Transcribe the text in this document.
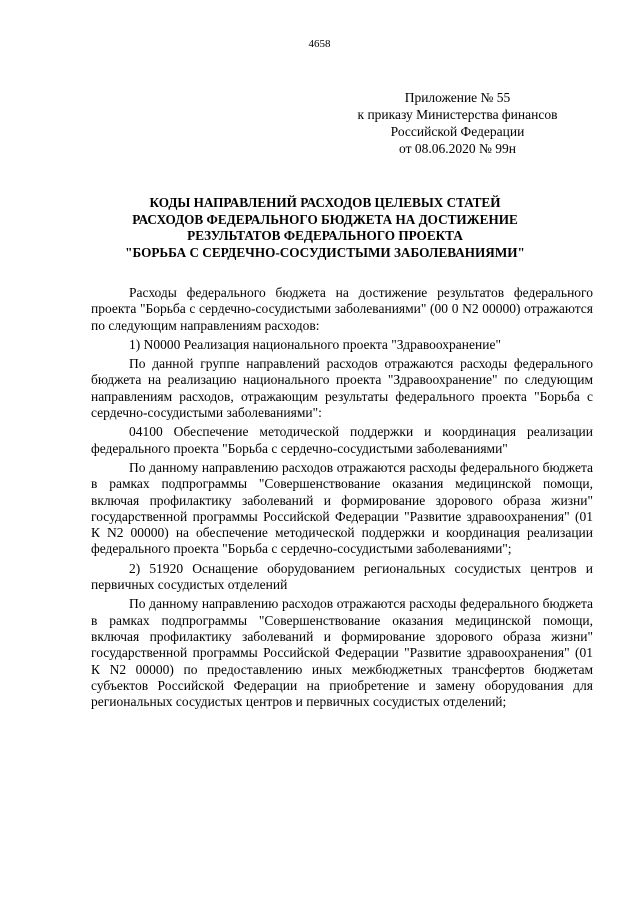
4658
Приложение № 55
к приказу Министерства финансов
Российской Федерации
от 08.06.2020 № 99н
КОДЫ НАПРАВЛЕНИЙ РАСХОДОВ ЦЕЛЕВЫХ СТАТЕЙ
РАСХОДОВ ФЕДЕРАЛЬНОГО БЮДЖЕТА НА ДОСТИЖЕНИЕ
РЕЗУЛЬТАТОВ ФЕДЕРАЛЬНОГО ПРОЕКТА
"БОРЬБА С СЕРДЕЧНО-СОСУДИСТЫМИ ЗАБОЛЕВАНИЯМИ"

Расходы федерального бюджета на достижение результатов федерального проекта "Борьба с сердечно-сосудистыми заболеваниями" (00 0 N2 00000) отражаются по следующим направлениям расходов:

1) N0000 Реализация национального проекта "Здравоохранение"

По данной группе направлений расходов отражаются расходы федерального бюджета на реализацию национального проекта "Здравоохранение" по следующим направлениям расходов, отражающим результаты федерального проекта "Борьба с сердечно-сосудистыми заболеваниями":

04100 Обеспечение методической поддержки и координация реализации федерального проекта "Борьба с сердечно-сосудистыми заболеваниями"

По данному направлению расходов отражаются расходы федерального бюджета в рамках подпрограммы "Совершенствование оказания медицинской помощи, включая профилактику заболеваний и формирование здорового образа жизни" государственной программы Российской Федерации "Развитие здравоохранения" (01 К N2 00000) на обеспечение методической поддержки и координация реализации федерального проекта "Борьба с сердечно-сосудистыми заболеваниями";

2) 51920 Оснащение оборудованием региональных сосудистых центров и первичных сосудистых отделений

По данному направлению расходов отражаются расходы федерального бюджета в рамках подпрограммы "Совершенствование оказания медицинской помощи, включая профилактику заболеваний и формирование здорового образа жизни" государственной программы Российской Федерации "Развитие здравоохранения" (01 К N2 00000) по предоставлению иных межбюджетных трансфертов бюджетам субъектов Российской Федерации на приобретение и замену оборудования для региональных сосудистых центров и первичных сосудистых отделений;
